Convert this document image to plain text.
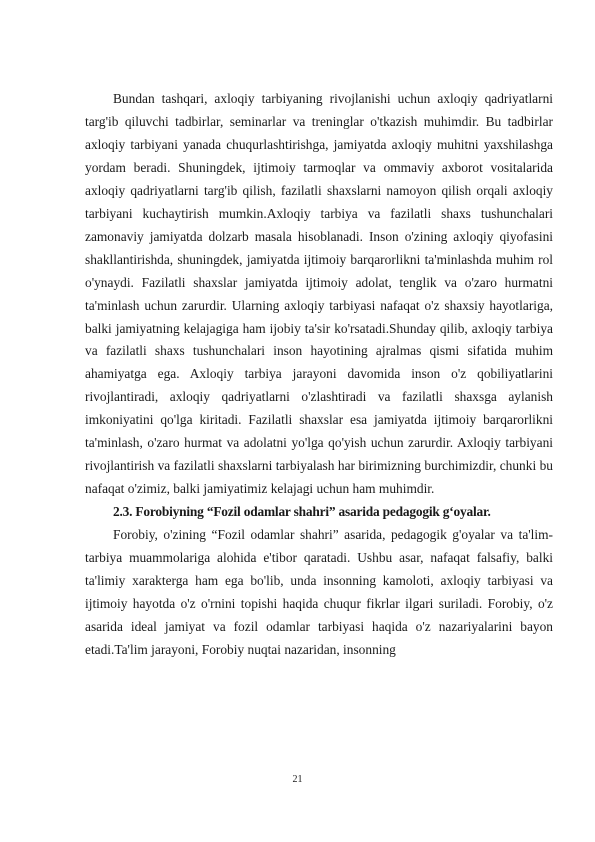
Bundan tashqari, axloqiy tarbiyaning rivojlanishi uchun axloqiy qadriyatlarni targ'ib qiluvchi tadbirlar, seminarlar va treninglar o'tkazish muhimdir. Bu tadbirlar axloqiy tarbiyani yanada chuqurlashtirishga, jamiyatda axloqiy muhitni yaxshilashga yordam beradi. Shuningdek, ijtimoiy tarmoqlar va ommaviy axborot vositalarida axloqiy qadriyatlarni targ'ib qilish, fazilatli shaxslarni namoyon qilish orqali axloqiy tarbiyani kuchaytirish mumkin.Axloqiy tarbiya va fazilatli shaxs tushunchalari zamonaviy jamiyatda dolzarb masala hisoblanadi. Inson o'zining axloqiy qiyofasini shakllantirishda, shuningdek, jamiyatda ijtimoiy barqarorlikni ta'minlashda muhim rol o'ynaydi. Fazilatli shaxslar jamiyatda ijtimoiy adolat, tenglik va o'zaro hurmatni ta'minlash uchun zarurdir. Ularning axloqiy tarbiyasi nafaqat o'z shaxsiy hayotlariga, balki jamiyatning kelajagiga ham ijobiy ta'sir ko'rsatadi.Shunday qilib, axloqiy tarbiya va fazilatli shaxs tushunchalari inson hayotining ajralmas qismi sifatida muhim ahamiyatga ega. Axloqiy tarbiya jarayoni davomida inson o'z qobiliyatlarini rivojlantiradi, axloqiy qadriyatlarni o'zlashtiradi va fazilatli shaxsga aylanish imkoniyatini qo'lga kiritadi. Fazilatli shaxslar esa jamiyatda ijtimoiy barqarorlikni ta'minlash, o'zaro hurmat va adolatni yo'lga qo'yish uchun zarurdir. Axloqiy tarbiyani rivojlantirish va fazilatli shaxslarni tarbiyalash har birimizning burchimizdir, chunki bu nafaqat o'zimiz, balki jamiyatimiz kelajagi uchun ham muhimdir.

2.3. Forobiyning “Fozil odamlar shahri” asarida pedagogik g‘oyalar.

Forobiy, o'zining “Fozil odamlar shahri” asarida, pedagogik g'oyalar va ta'lim-tarbiya muammolariga alohida e'tibor qaratadi. Ushbu asar, nafaqat falsafiy, balki ta'limiy xarakterga ham ega bo'lib, unda insonning kamoloti, axloqiy tarbiyasi va ijtimoiy hayotda o'z o'rnini topishi haqida chuqur fikrlar ilgari suriladi. Forobiy, o'z asarida ideal jamiyat va fozil odamlar tarbiyasi haqida o'z nazariyalarini bayon etadi.Ta'lim jarayoni, Forobiy nuqtai nazaridan, insonning

21
